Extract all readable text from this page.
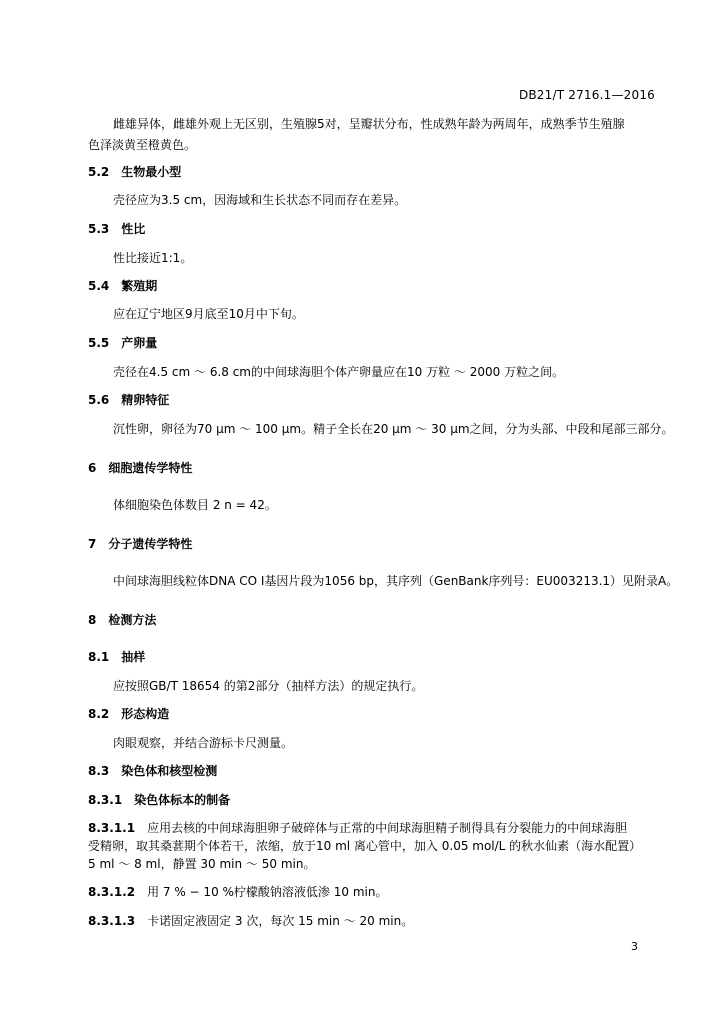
DB21/T 2716.1—2016
雌雄异体，雌雄外观上无区别，生殖腺5对，呈瓣状分布，性成熟年龄为两周年，成熟季节生殖腺
色泽淡黄至橙黄色。
5.2 生物最小型
壳径应为3.5 cm，因海域和生长状态不同而存在差异。
5.3 性比
性比接近1:1。
5.4 繁殖期
应在辽宁地区9月底至10月中下旬。
5.5 产卵量
壳径在4.5 cm ～ 6.8 cm的中间球海胆个体产卵量应在10 万粒 ～ 2000 万粒之间。
5.6 精卵特征
沉性卵，卵径为70 μm ～ 100 μm。精子全长在20 μm ～ 30 μm之间，分为头部、中段和尾部三部分。
6 细胞遗传学特性
体细胞染色体数目 2 n = 42。
7 分子遗传学特性
中间球海胆线粒体DNA CO Ⅰ基因片段为1056 bp，其序列（GenBank序列号：EU003213.1）见附录A。
8 检测方法
8.1 抽样
应按照GB/T 18654 的第2部分（抽样方法）的规定执行。
8.2 形态构造
肉眼观察，并结合游标卡尺测量。
8.3 染色体和核型检测
8.3.1 染色体标本的制备
8.3.1.1 应用去核的中间球海胆卵子破碎体与正常的中间球海胆精子制得具有分裂能力的中间球海胆
受精卵，取其桑葚期个体若干，浓缩，放于10 ml 离心管中，加入 0.05 mol/L 的秋水仙素（海水配置）
5 ml ～ 8 ml，静置 30 min ～ 50 min。
8.3.1.2 用 7 % − 10 %柠檬酸钠溶液低渗 10 min。
8.3.1.3 卡诺固定液固定 3 次，每次 15 min ～ 20 min。
3
